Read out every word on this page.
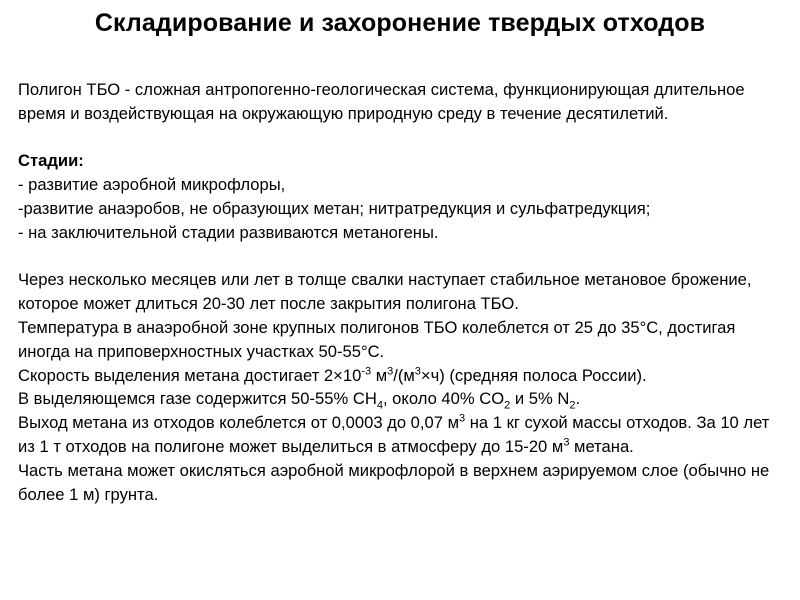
Складирование и захоронение твердых отходов

Полигон ТБО - сложная антропогенно-геологическая система, функционирующая длительное время и воздействующая на окружающую природную среду в течение десятилетий.

Стадии:

- развитие аэробной микрофлоры,

-развитие анаэробов, не образующих метан; нитратредукция и сульфатредукция;

- на заключительной стадии развиваются метаногены.

Через несколько месяцев или лет в толще свалки наступает стабильное метановое брожение, которое может длиться 20-30 лет после закрытия полигона ТБО.

Температура в анаэробной зоне крупных полигонов ТБО колеблется от 25 до 35°С, достигая иногда на приповерхностных участках 50-55°С.

Скорость выделения метана достигает $2\times 10^{-3}$ $м^3/(м^3\times ч)$ (средняя полоса России).

В выделяющемся газе содержится 50-55% $CH_4$, около 40% $CO_2$ и 5% $N_2$.

Выход метана из отходов колеблется от 0,0003 до 0,07 $м^3$ на 1 кг сухой массы отходов. За 10 лет из 1 т отходов на полигоне может выделиться в атмосферу до 15-20 $м^3$ метана.

Часть метана может окисляться аэробной микрофлорой в верхнем аэрируемом слое (обычно не более 1 м) грунта.
